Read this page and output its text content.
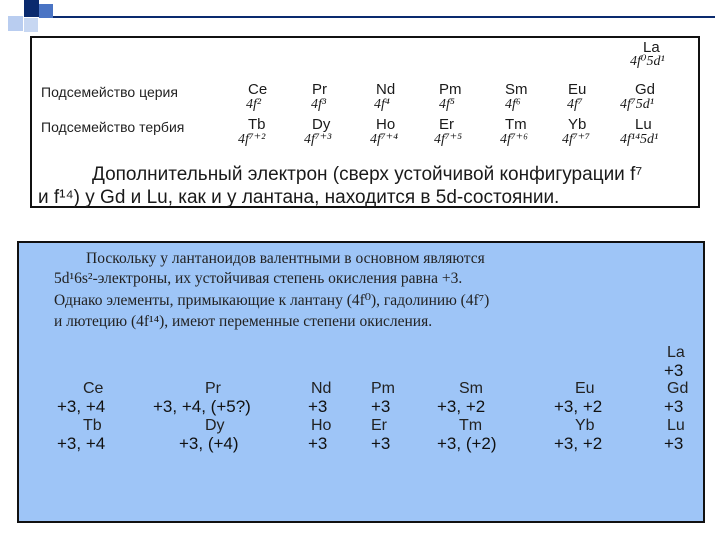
La
4f⁰5d¹
Подсемейство церия
Подсемейство тербия
Ce
4f²
Pr
4f³
Nd
4f⁴
Pm
4f⁵
Sm
4f⁶
Eu
4f⁷
Gd
4f⁷5d¹
Tb
4f⁷⁺²
Dy
4f⁷⁺³
Ho
4f⁷⁺⁴
Er
4f⁷⁺⁵
Tm
4f⁷⁺⁶
Yb
4f⁷⁺⁷
Lu
4f¹⁴5d¹
Дополнительный электрон (сверх устойчивой конфигурации f⁷
и f¹⁴) у Gd и Lu, как и у лантана, находится в 5d-состоянии.
Поскольку у лантаноидов валентными в основном являются
5d¹6s²-электроны, их устойчивая степень окисления равна +3.
Однако элементы, примыкающие к лантану (4f⁰), гадолинию (4f⁷)
и лютецию (4f¹⁴), имеют переменные степени окисления.
La
+3
Ce
+3, +4
Pr
+3, +4, (+5?)
Nd
+3
Pm
+3
Sm
+3, +2
Eu
+3, +2
Gd
+3
Tb
+3, +4
Dy
+3, (+4)
Ho
+3
Er
+3
Tm
+3, (+2)
Yb
+3, +2
Lu
+3
